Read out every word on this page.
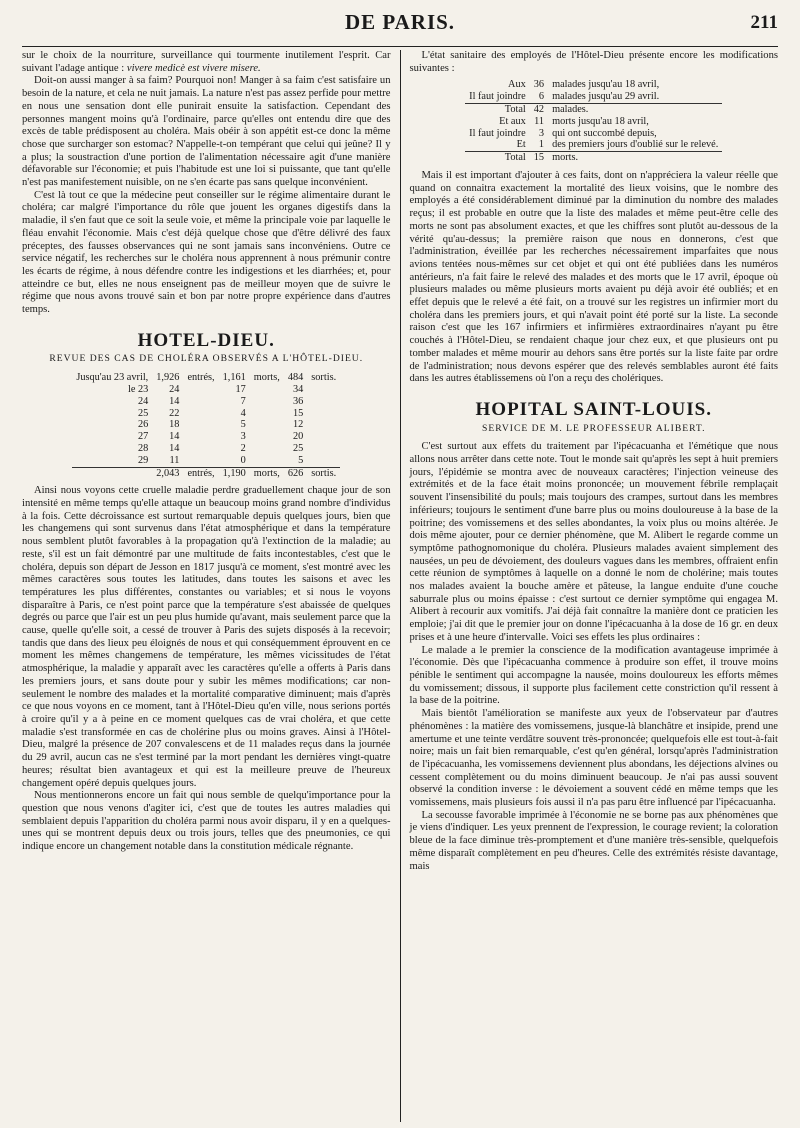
DE PARIS.	211

sur le choix de la nourriture, surveillance qui tourmente inutilement l'esprit. Car suivant l'adage antique : vivere medicè est vivere misere.

Doit-on aussi manger à sa faim? Pourquoi non! Manger à sa faim c'est satisfaire un besoin de la nature, et cela ne nuit jamais. La nature n'est pas assez perfide pour mettre en nous une sensation dont elle punirait ensuite la satisfaction. Cependant des personnes mangent moins qu'à l'ordinaire, parce qu'elles ont entendu dire que des excès de table prédisposent au choléra. Mais obéir à son appétit est-ce donc la même chose que surcharger son estomac? N'appelle-t-on tempérant que celui qui jeûne? Il y a plus; la soustraction d'une portion de l'alimentation nécessaire agit d'une manière défavorable sur l'économie; et puis l'habitude est une loi si puissante, que tant qu'elle n'est pas manifestement nuisible, on ne s'en écarte pas sans quelque inconvénient.

C'est là tout ce que la médecine peut conseiller sur le régime alimentaire durant le choléra; car malgré l'importance du rôle que jouent les organes digestifs dans la maladie, il s'en faut que ce soit la seule voie, et même la principale voie par laquelle le fléau envahit l'économie. Mais c'est déjà quelque chose que d'être délivré des faux préceptes, des fausses observances qui ne sont jamais sans inconvéniens. Outre ce service négatif, les recherches sur le choléra nous apprennent à nous prémunir contre les écarts de régime, à nous défendre contre les indigestions et les diarrhées; et, pour atteindre ce but, elles ne nous enseignent pas de meilleur moyen que de suivre le régime que nous avons trouvé sain et bon par notre propre expérience dans d'autres temps.

HOTEL-DIEU.
REVUE DES CAS DE CHOLÉRA OBSERVÉS A L'HÔTEL-DIEU.
Jusqu'au 23 avril,	1,926	entrés,	1,161	morts,	484	sortis.
le 23	24		17		34	
24	14		7		36	
25	22		4		15	
26	18		5		12	
27	14		3		20	
28	14		2		25	
29	11		0		5	
	2,043	entrés,	1,190	morts,	626	sortis.

Ainsi nous voyons cette cruelle maladie perdre graduellement chaque jour de son intensité en même temps qu'elle attaque un beaucoup moins grand nombre d'individus à la fois. Cette décroissance est surtout remarquable depuis quelques jours, bien que les changemens qui sont survenus dans l'état atmosphérique et dans la température nous semblent plutôt favorables à la propagation qu'à l'extinction de la maladie; au reste, s'il est un fait démontré par une multitude de faits incontestables, c'est que le choléra, depuis son départ de Jesson en 1817 jusqu'à ce moment, s'est montré avec les mêmes caractères sous toutes les latitudes, dans toutes les saisons et avec les températures les plus différentes, constantes ou variables; et si nous le voyons disparaître à Paris, ce n'est point parce que la température s'est abaissée de quelques degrés ou parce que l'air est un peu plus humide qu'avant, mais seulement parce que la cause, quelle qu'elle soit, a cessé de trouver à Paris des sujets disposés à la recevoir; tandis que dans des lieux peu éloignés de nous et qui conséquemment éprouvent en ce moment les mêmes changemens de température, les mêmes vicissitudes de l'état atmosphérique, la maladie y apparaît avec les caractères qu'elle a offerts à Paris dans les premiers jours, et sans doute pour y subir les mêmes modifications; car non-seulement le nombre des malades et la mortalité comparative diminuent; mais d'après ce que nous voyons en ce moment, tant à l'Hôtel-Dieu qu'en ville, nous serions portés à croire qu'il y a à peine en ce moment quelques cas de vrai choléra, et que cette maladie s'est transformée en cas de cholérine plus ou moins graves. Ainsi à l'Hôtel-Dieu, malgré la présence de 207 convalescens et de 11 malades reçus dans la journée du 29 avril, aucun cas ne s'est terminé par la mort pendant les dernières vingt-quatre heures; résultat bien avantageux et qui est la meilleure preuve de l'heureux changement opéré depuis quelques jours.

Nous mentionnerons encore un fait qui nous semble de quelqu'importance pour la question que nous venons d'agiter ici, c'est que de toutes les autres maladies qui semblaient depuis l'apparition du choléra parmi nous avoir disparu, il y en a quelques-unes qui se montrent depuis deux ou trois jours, telles que des pneumonies, ce qui indique encore un changement notable dans la constitution médicale régnante.

L'état sanitaire des employés de l'Hôtel-Dieu présente encore les modifications suivantes :

Aux	36	malades jusqu'au 18 avril,
Il faut joindre	6	malades jusqu'au 29 avril.
Total	42	malades.
Et aux	11	morts jusqu'au 18 avril,
Il faut joindre	3	qui ont succombé depuis,
Et	1	des premiers jours d'oublié sur le relevé.
Total	15	morts.

Mais il est important d'ajouter à ces faits, dont on n'appréciera la valeur réelle que quand on connaitra exactement la mortalité des lieux voisins, que le nombre des employés a été considérablement diminué par la diminution du nombre des malades reçus; il est probable en outre que la liste des malades et même peut-être celle des morts ne sont pas absolument exactes, et que les chiffres sont plutôt au-dessous de la vérité qu'au-dessus; la première raison que nous en donnerons, c'est que l'administration, éveillée par les recherches nécessairement imparfaites que nous avions tentées nous-mêmes sur cet objet et qui ont été publiées dans les numéros antérieurs, n'a fait faire le relevé des malades et des morts que le 17 avril, époque où plusieurs malades ou même plusieurs morts avaient pu déjà avoir été oubliés; et en effet depuis que le relevé a été fait, on a trouvé sur les registres un infirmier mort du choléra dans les premiers jours, et qui n'avait point été porté sur la liste. La seconde raison c'est que les 167 infirmiers et infirmières extraordinaires n'ayant pu être couchés à l'Hôtel-Dieu, se rendaient chaque jour chez eux, et que plusieurs ont pu tomber malades et même mourir au dehors sans être portés sur la liste faite par ordre de l'administration; nous devons espérer que des relevés semblables auront été faits dans les autres établissemens où l'on a reçu des cholériques.

HOPITAL SAINT-LOUIS.
SERVICE DE M. LE PROFESSEUR ALIBERT.

C'est surtout aux effets du traitement par l'ipécacuanha et l'émétique que nous allons nous arrêter dans cette note. Tout le monde sait qu'après les sept à huit premiers jours, l'épidémie se montra avec de nouveaux caractères; l'injection veineuse des extrémités et de la face était moins prononcée; un mouvement fébrile remplaçait souvent l'insensibilité du pouls; mais toujours des crampes, surtout dans les membres inférieurs; toujours le sentiment d'une barre plus ou moins douloureuse à la base de la poitrine; des vomissemens et des selles abondantes, la voix plus ou moins altérée. Je dois même ajouter, pour ce dernier phénomène, que M. Alibert le regarde comme un symptôme pathognomonique du choléra. Plusieurs malades avaient simplement des nausées, un peu de dévoiement, des douleurs vagues dans les membres, offraient enfin cette réunion de symptômes à laquelle on a donné le nom de cholérine; mais toutes nos malades avaient la bouche amère et pâteuse, la langue enduite d'une couche saburrale plus ou moins épaisse : c'est surtout ce dernier symptôme qui engagea M. Alibert à recourir aux vomitifs. J'ai déjà fait connaître la manière dont ce praticien les emploie; j'ai dit que le premier jour on donne l'ipécacuanha à la dose de 16 gr. en deux prises et à une heure d'intervalle. Voici ses effets les plus ordinaires :

Le malade a le premier la conscience de la modification avantageuse imprimée à l'économie. Dès que l'ipécacuanha commence à produire son effet, il trouve moins pénible le sentiment qui accompagne la nausée, moins douloureux les efforts mêmes du vomissement; dissous, il supporte plus facilement cette constriction qu'il ressent à la base de la poitrine.

Mais bientôt l'amélioration se manifeste aux yeux de l'observateur par d'autres phénomènes : la matière des vomissemens, jusque-là blanchâtre et insipide, prend une amertume et une teinte verdâtre souvent très-prononcée; quelquefois elle est tout-à-fait noire; mais un fait bien remarquable, c'est qu'en général, lorsqu'après l'administration de l'ipécacuanha, les vomissemens deviennent plus abondans, les déjections alvines ou cessent complètement ou du moins diminuent beaucoup. Je n'ai pas aussi souvent observé la condition inverse : le dévoiement a souvent cédé en même temps que les vomissemens, mais plusieurs fois aussi il n'a pas paru être influencé par l'ipécacuanha.

La secousse favorable imprimée à l'économie ne se borne pas aux phénomènes que je viens d'indiquer. Les yeux prennent de l'expression, le courage revient; la coloration bleue de la face diminue très-promptement et d'une manière très-sensible, quelquefois même disparaît complètement en peu d'heures. Celle des extrémités résiste davantage, mais
